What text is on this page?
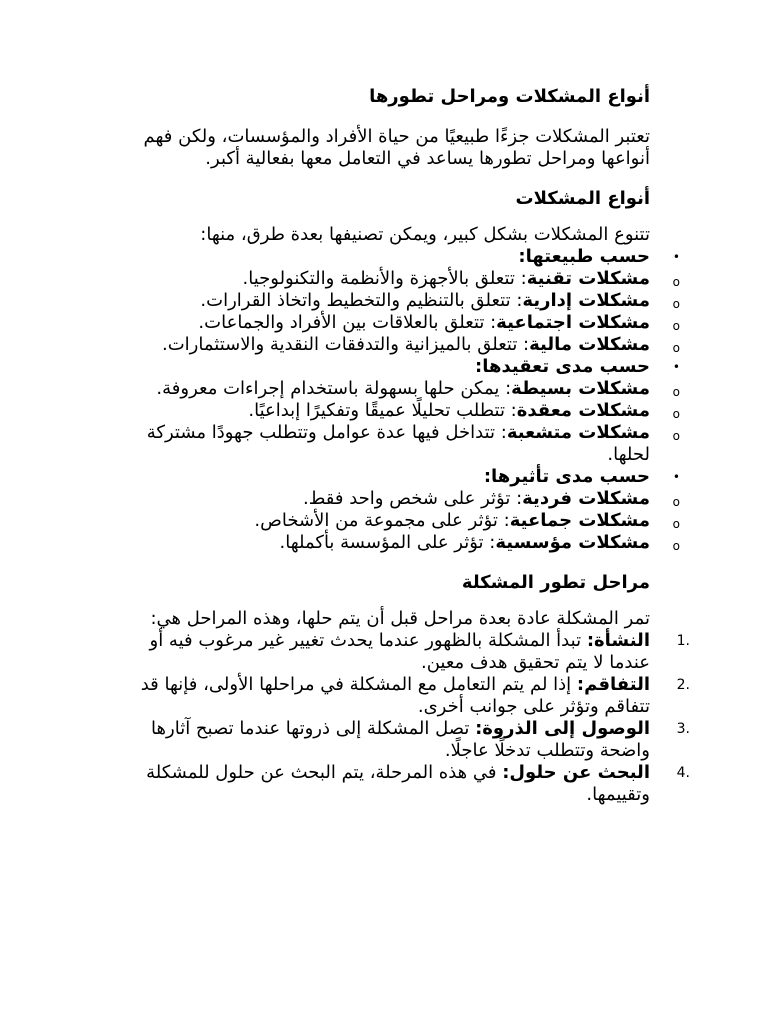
أنواع المشكلات ومراحل تطورها

تعتبر المشكلات جزءًا طبيعيًا من حياة الأفراد والمؤسسات، ولكن فهم أنواعها ومراحل تطورها يساعد في التعامل معها بفعالية أكبر.

أنواع المشكلات

تتنوع المشكلات بشكل كبير، ويمكن تصنيفها بعدة طرق، منها:

•
حسب طبيعتها:
o
مشكلات تقنية: تتعلق بالأجهزة والأنظمة والتكنولوجيا.
o
مشكلات إدارية: تتعلق بالتنظيم والتخطيط واتخاذ القرارات.
o
مشكلات اجتماعية: تتعلق بالعلاقات بين الأفراد والجماعات.
o
مشكلات مالية: تتعلق بالميزانية والتدفقات النقدية والاستثمارات.
•
حسب مدى تعقيدها:
o
مشكلات بسيطة: يمكن حلها بسهولة باستخدام إجراءات معروفة.
o
مشكلات معقدة: تتطلب تحليلًا عميقًا وتفكيرًا إبداعيًا.
o
مشكلات متشعبة: تتداخل فيها عدة عوامل وتتطلب جهودًا مشتركة لحلها.
•
حسب مدى تأثيرها:
o
مشكلات فردية: تؤثر على شخص واحد فقط.
o
مشكلات جماعية: تؤثر على مجموعة من الأشخاص.
o
مشكلات مؤسسية: تؤثر على المؤسسة بأكملها.
مراحل تطور المشكلة

تمر المشكلة عادة بعدة مراحل قبل أن يتم حلها، وهذه المراحل هي:

1.
النشأة: تبدأ المشكلة بالظهور عندما يحدث تغيير غير مرغوب فيه أو عندما لا يتم تحقيق هدف معين.
2.
التفاقم: إذا لم يتم التعامل مع المشكلة في مراحلها الأولى، فإنها قد تتفاقم وتؤثر على جوانب أخرى.
3.
الوصول إلى الذروة: تصل المشكلة إلى ذروتها عندما تصبح آثارها واضحة وتتطلب تدخلًا عاجلًا.
4.
البحث عن حلول: في هذه المرحلة، يتم البحث عن حلول للمشكلة وتقييمها.
